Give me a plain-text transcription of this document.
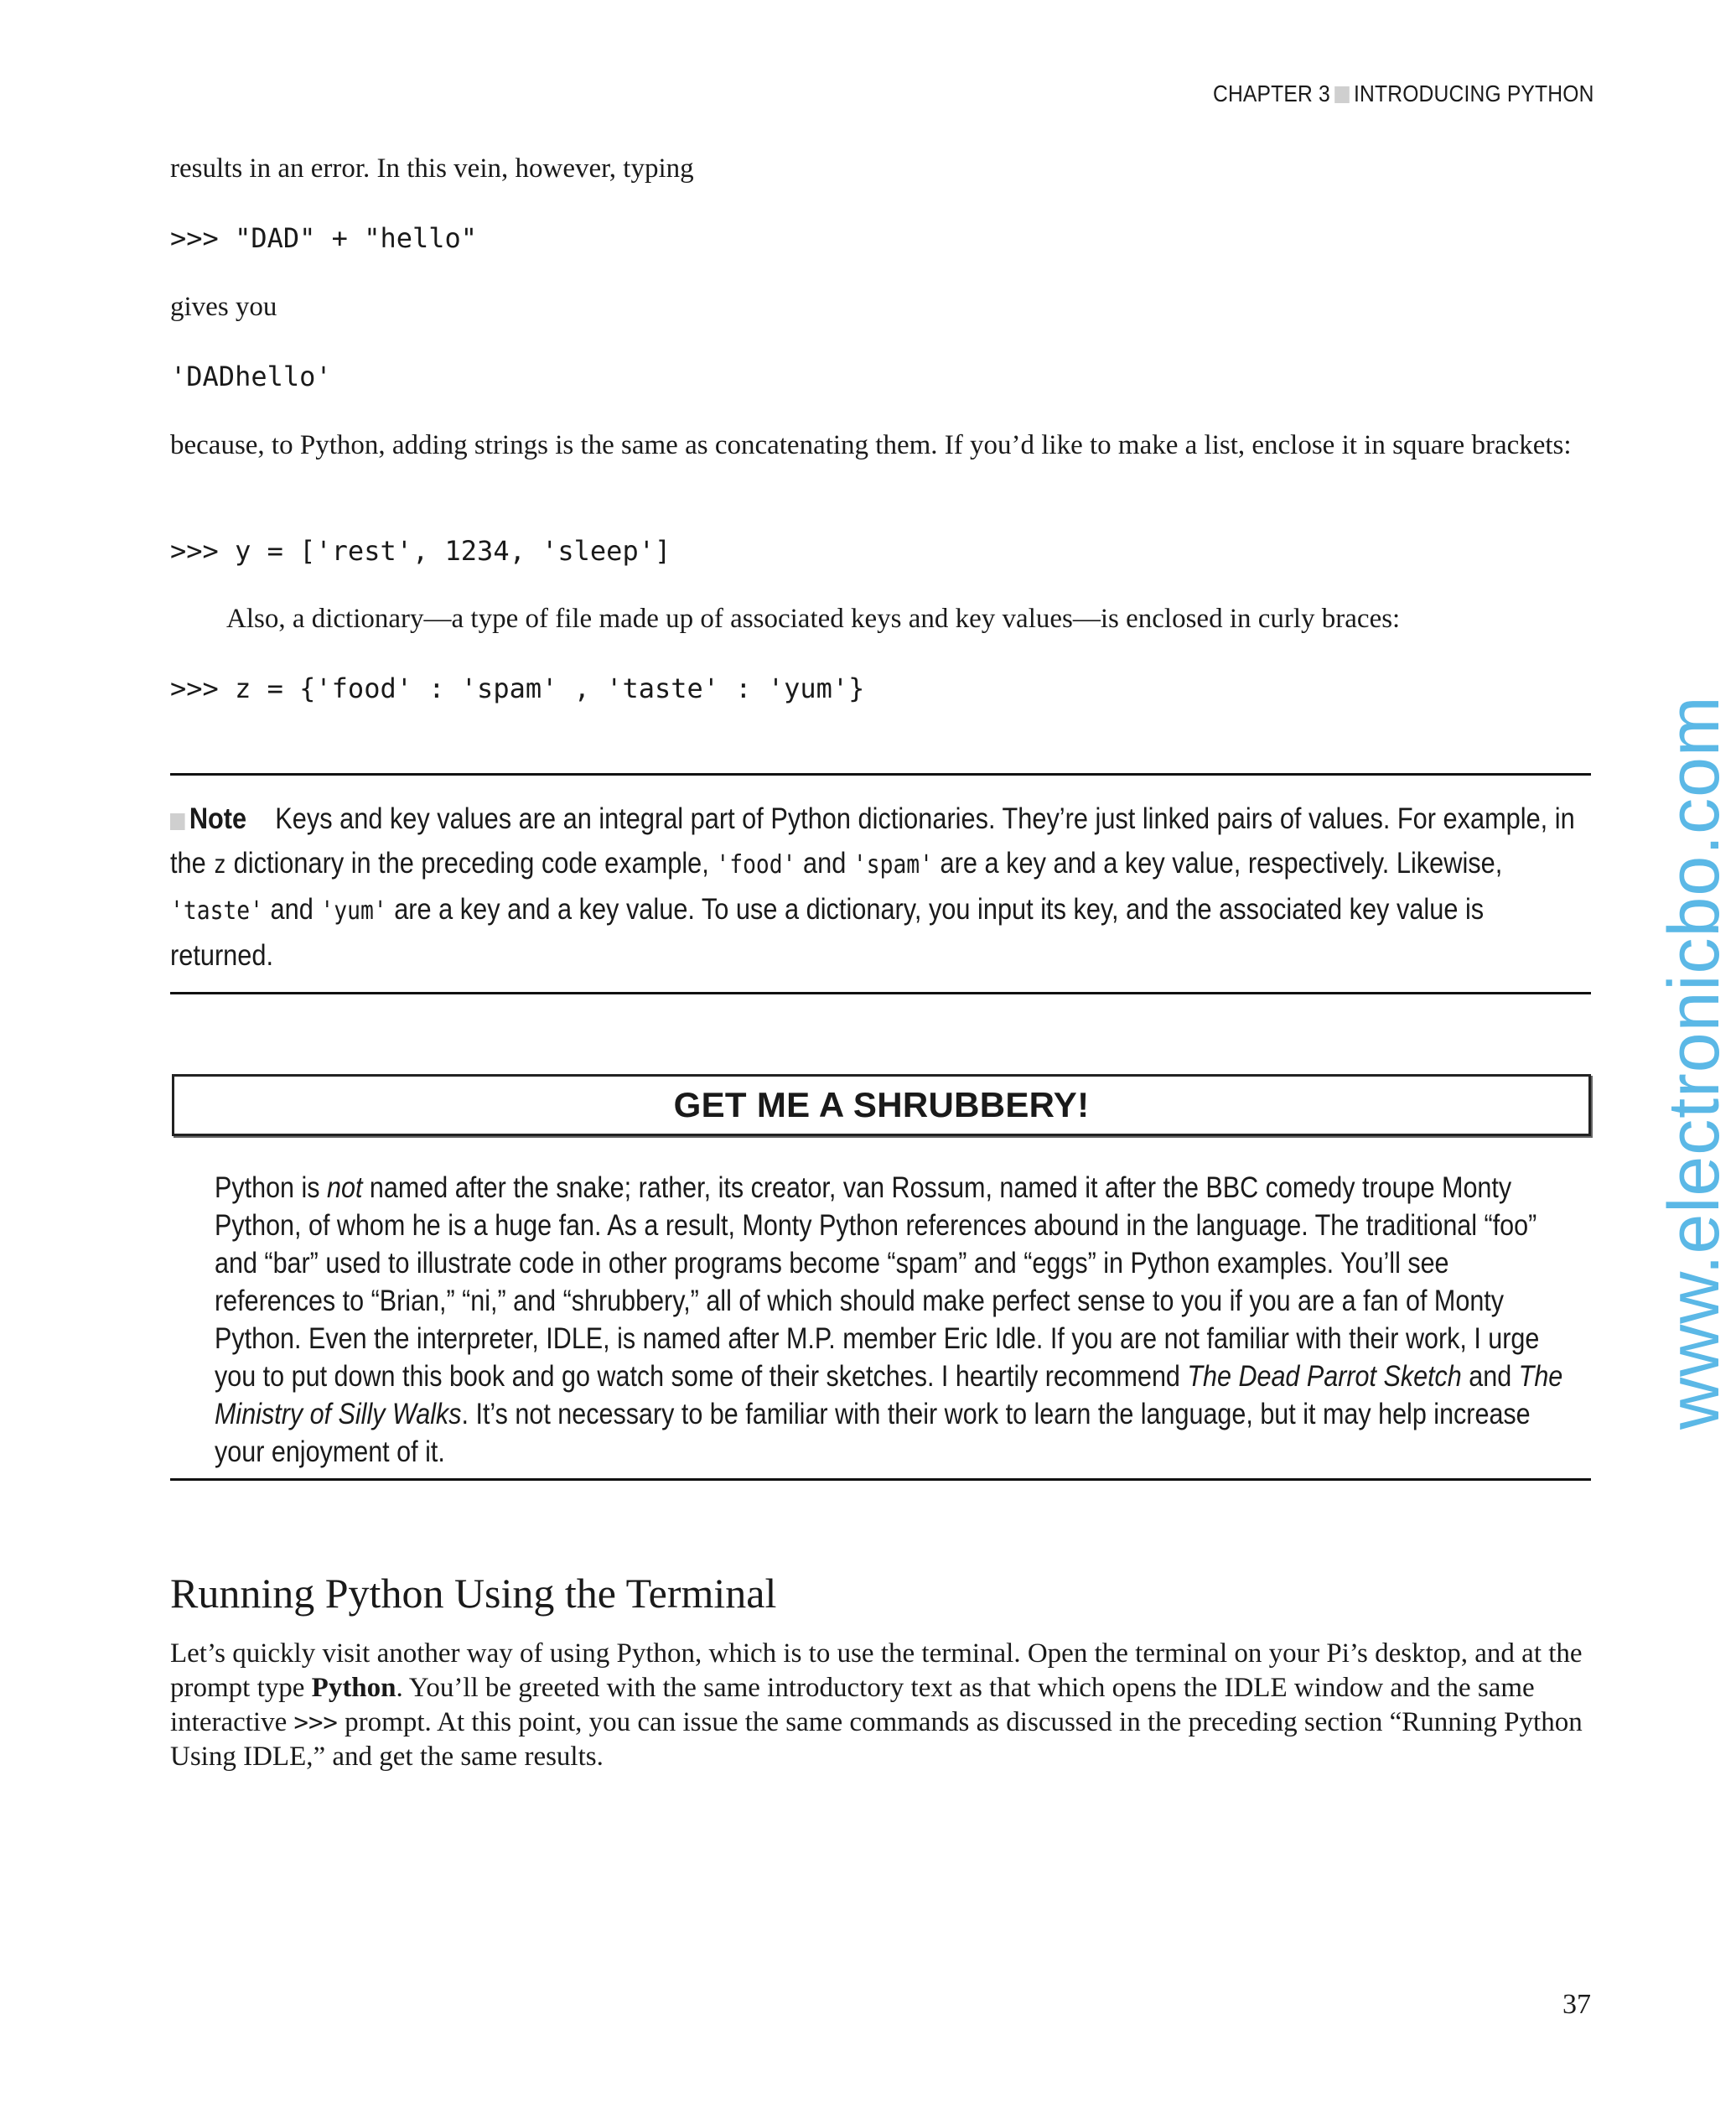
CHAPTER 3 INTRODUCING PYTHON
results in an error. In this vein, however, typing
>>> "DAD" + "hello"
gives you
'DADhello'
because, to Python, adding strings is the same as concatenating them. If you’d like to make a list, enclose it in square brackets:
>>> y = ['rest', 1234, 'sleep']
Also, a dictionary—a type of file made up of associated keys and key values—is enclosed in curly braces:
>>> z = {'food' : 'spam' , 'taste' : 'yum'}
Note Keys and key values are an integral part of Python dictionaries. They’re just linked pairs of values. For example, in the z dictionary in the preceding code example, 'food' and 'spam' are a key and a key value, respectively. Likewise, 'taste' and 'yum' are a key and a key value. To use a dictionary, you input its key, and the associated key value is returned.
GET ME A SHRUBBERY!
Python is not named after the snake; rather, its creator, van Rossum, named it after the BBC comedy troupe Monty Python, of whom he is a huge fan. As a result, Monty Python references abound in the language. The traditional “foo” and “bar” used to illustrate code in other programs become “spam” and “eggs” in Python examples. You’ll see references to “Brian,” “ni,” and “shrubbery,” all of which should make perfect sense to you if you are a fan of Monty Python. Even the interpreter, IDLE, is named after M.P. member Eric Idle. If you are not familiar with their work, I urge you to put down this book and go watch some of their sketches. I heartily recommend The Dead Parrot Sketch and The Ministry of Silly Walks. It’s not necessary to be familiar with their work to learn the language, but it may help increase your enjoyment of it.
Running Python Using the Terminal
Let’s quickly visit another way of using Python, which is to use the terminal. Open the terminal on your Pi’s desktop, and at the prompt type Python. You’ll be greeted with the same introductory text as that which opens the IDLE window and the same interactive >>> prompt. At this point, you can issue the same commands as discussed in the preceding section “Running Python Using IDLE,” and get the same results.
37
www.electronicbo.com
